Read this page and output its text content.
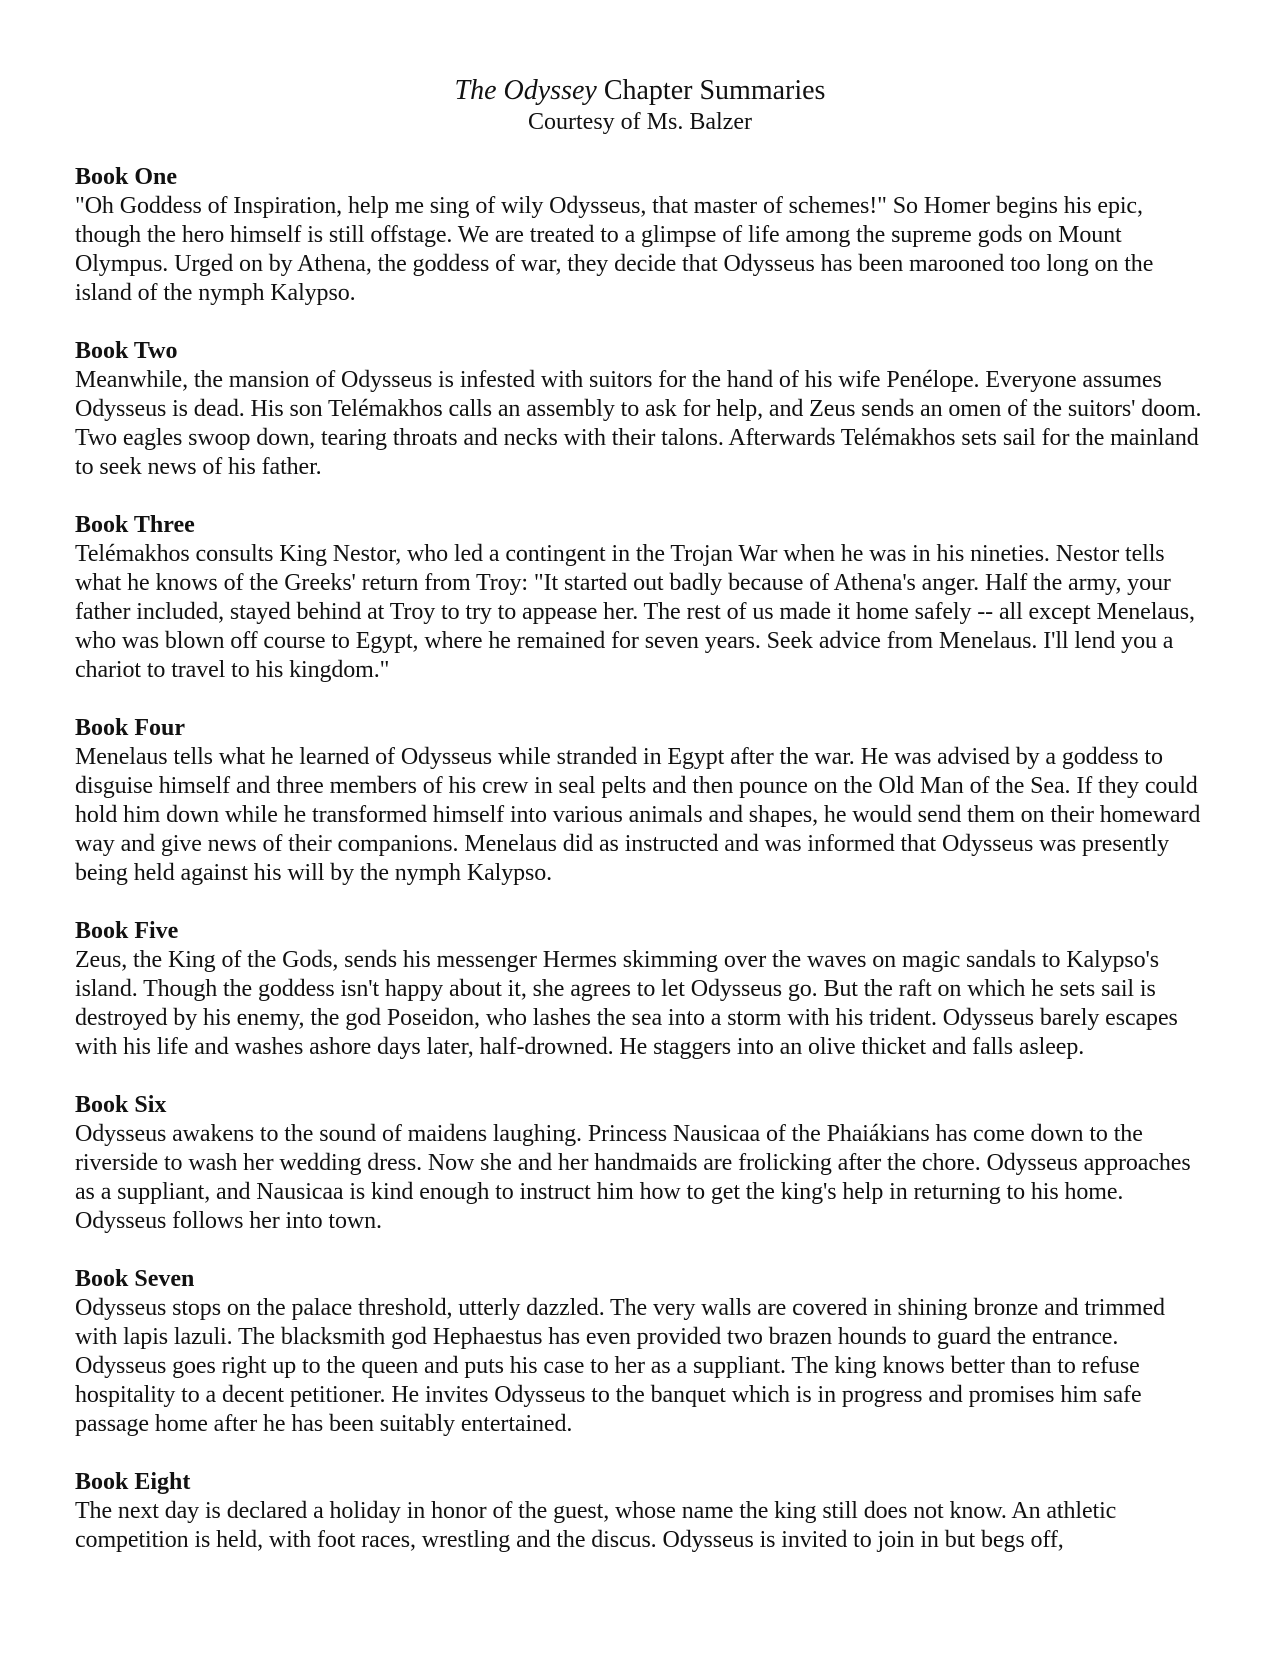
The Odyssey Chapter Summaries
Courtesy of Ms. Balzer
Book One
"Oh Goddess of Inspiration, help me sing of wily Odysseus, that master of schemes!" So Homer begins his epic, though the hero himself is still offstage. We are treated to a glimpse of life among the supreme gods on Mount Olympus. Urged on by Athena, the goddess of war, they decide that Odysseus has been marooned too long on the island of the nymph Kalypso.
Book Two
Meanwhile, the mansion of Odysseus is infested with suitors for the hand of his wife Penélope. Everyone assumes Odysseus is dead. His son Telémakhos calls an assembly to ask for help, and Zeus sends an omen of the suitors' doom. Two eagles swoop down, tearing throats and necks with their talons. Afterwards Telémakhos sets sail for the mainland to seek news of his father.
Book Three
Telémakhos consults King Nestor, who led a contingent in the Trojan War when he was in his nineties. Nestor tells what he knows of the Greeks' return from Troy: "It started out badly because of Athena's anger. Half the army, your father included, stayed behind at Troy to try to appease her. The rest of us made it home safely -- all except Menelaus, who was blown off course to Egypt, where he remained for seven years. Seek advice from Menelaus. I'll lend you a chariot to travel to his kingdom."
Book Four
Menelaus tells what he learned of Odysseus while stranded in Egypt after the war. He was advised by a goddess to disguise himself and three members of his crew in seal pelts and then pounce on the Old Man of the Sea. If they could hold him down while he transformed himself into various animals and shapes, he would send them on their homeward way and give news of their companions. Menelaus did as instructed and was informed that Odysseus was presently being held against his will by the nymph Kalypso.
Book Five
Zeus, the King of the Gods, sends his messenger Hermes skimming over the waves on magic sandals to Kalypso's island. Though the goddess isn't happy about it, she agrees to let Odysseus go. But the raft on which he sets sail is destroyed by his enemy, the god Poseidon, who lashes the sea into a storm with his trident. Odysseus barely escapes with his life and washes ashore days later, half-drowned. He staggers into an olive thicket and falls asleep.
Book Six
Odysseus awakens to the sound of maidens laughing. Princess Nausicaa of the Phaiákians has come down to the riverside to wash her wedding dress. Now she and her handmaids are frolicking after the chore. Odysseus approaches as a suppliant, and Nausicaa is kind enough to instruct him how to get the king's help in returning to his home. Odysseus follows her into town.
Book Seven
Odysseus stops on the palace threshold, utterly dazzled. The very walls are covered in shining bronze and trimmed with lapis lazuli. The blacksmith god Hephaestus has even provided two brazen hounds to guard the entrance. Odysseus goes right up to the queen and puts his case to her as a suppliant. The king knows better than to refuse hospitality to a decent petitioner. He invites Odysseus to the banquet which is in progress and promises him safe passage home after he has been suitably entertained.
Book Eight
The next day is declared a holiday in honor of the guest, whose name the king still does not know. An athletic competition is held, with foot races, wrestling and the discus. Odysseus is invited to join in but begs off,
